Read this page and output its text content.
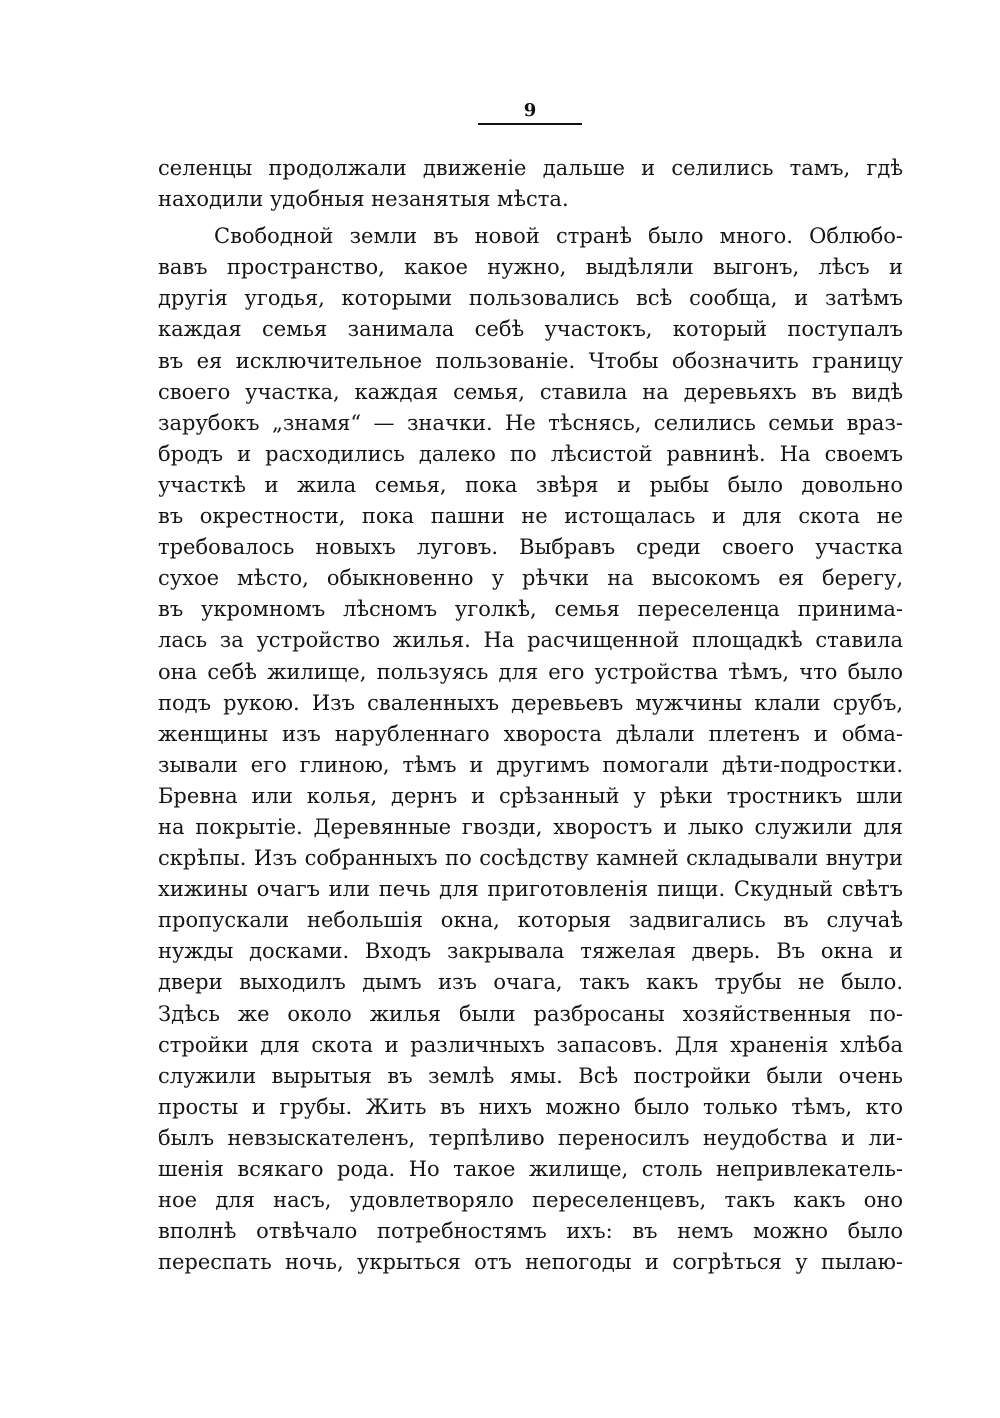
9
селенцы продолжали движенiе дальше и селились тамъ, гдѣ
находили удобныя незанятыя мѣста.
Свободной земли въ новой странѣ было много. Облюбо-
вавъ пространство, какое нужно, выдѣляли выгонъ, лѣсъ и
другiя угодья, которыми пользовались всѣ сообща, и затѣмъ
каждая семья занимала себѣ участокъ, который поступалъ
въ ея исключительное пользованiе. Чтобы обозначить границу
своего участка, каждая семья, ставила на деревьяхъ въ видѣ
зарубокъ „знамя“ — значки. Не тѣснясь, селились семьи враз-
бродъ и расходились далеко по лѣсистой равнинѣ. На своемъ
участкѣ и жила семья, пока звѣря и рыбы было довольно
въ окрестности, пока пашни не истощалась и для скота не
требовалось новыхъ луговъ. Выбравъ среди своего участка
сухое мѣсто, обыкновенно у рѣчки на высокомъ ея берегу,
въ укромномъ лѣсномъ уголкѣ, семья переселенца принима-
лась за устройство жилья. На расчищенной площадкѣ ставила
она себѣ жилище, пользуясь для его устройства тѣмъ, что было
подъ рукою. Изъ сваленныхъ деревьевъ мужчины клали срубъ,
женщины изъ нарубленнаго хвороста дѣлали плетенъ и обма-
зывали его глиною, тѣмъ и другимъ помогали дѣти-подростки.
Бревна или колья, дернъ и срѣзанный у рѣки тростникъ шли
на покрытiе. Деревянные гвозди, хворостъ и лыко служили для
скрѣпы. Изъ собранныхъ по сосѣдству камней складывали внутри
хижины очагъ или печь для приготовленiя пищи. Скудный свѣтъ
пропускали небольшiя окна, которыя задвигались въ случаѣ
нужды досками. Входъ закрывала тяжелая дверь. Въ окна и
двери выходилъ дымъ изъ очага, такъ какъ трубы не было.
Здѣсь же около жилья были разбросаны хозяйственныя по-
стройки для скота и различныхъ запасовъ. Для храненiя хлѣба
служили вырытыя въ землѣ ямы. Всѣ постройки были очень
просты и грубы. Жить въ нихъ можно было только тѣмъ, кто
былъ невзыскателенъ, терпѣливо переносилъ неудобства и ли-
шенiя всякаго рода. Но такое жилище, столь непривлекатель-
ное для насъ, удовлетворяло переселенцевъ, такъ какъ оно
вполнѣ отвѣчало потребностямъ ихъ: въ немъ можно было
переспать ночь, укрыться отъ непогоды и согрѣться у пылаю-
